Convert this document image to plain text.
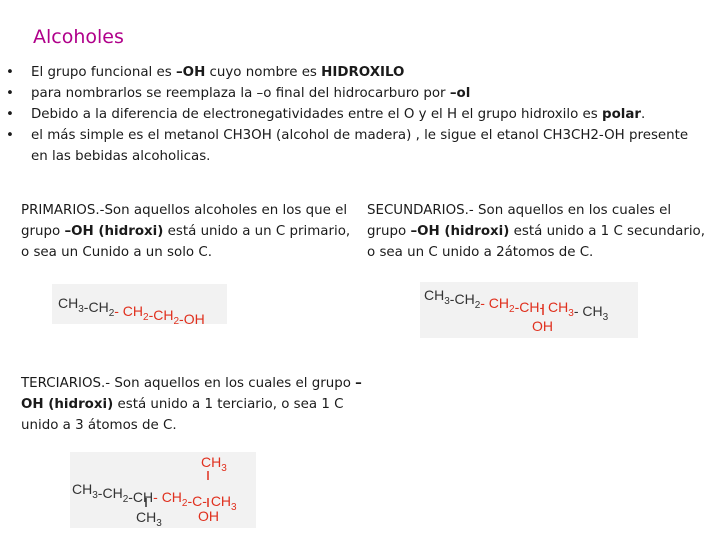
Alcoholes
• El grupo funcional es –OH cuyo nombre es HIDROXILO
• para nombrarlos se reemplaza la –o final del hidrocarburo por –ol
• Debido a la diferencia de electronegatividades entre el O y el H el grupo hidroxilo es polar.
• el más simple es el metanol CH3OH (alcohol de madera) , le sigue el etanol CH3CH2-OH presente en las bebidas alcoholicas.
PRIMARIOS.-Son aquellos alcoholes en los que el grupo –OH (hidroxi) está unido a un C primario, o sea un Cunido a un solo C.
SECUNDARIOS.- Son aquellos en los cuales el grupo –OH (hidroxi) está unido a 1 C secundario, o sea un C unido a 2átomos de C.
TERCIARIOS.- Son aquellos en los cuales el grupo –OH (hidroxi) está unido a 1 terciario, o sea 1 C unido a 3 átomos de C.
$CH_3-CH_2-$ $CH_2-CH_2-OH$
$CH_3-CH_2-$ $CH_2-CH-$ $CH_3-$ $CH_3$
OH
$CH_3$
$CH_3-CH_2-CH-$ $CH_2-C-$ $CH_3$
$CH_3$	OH
